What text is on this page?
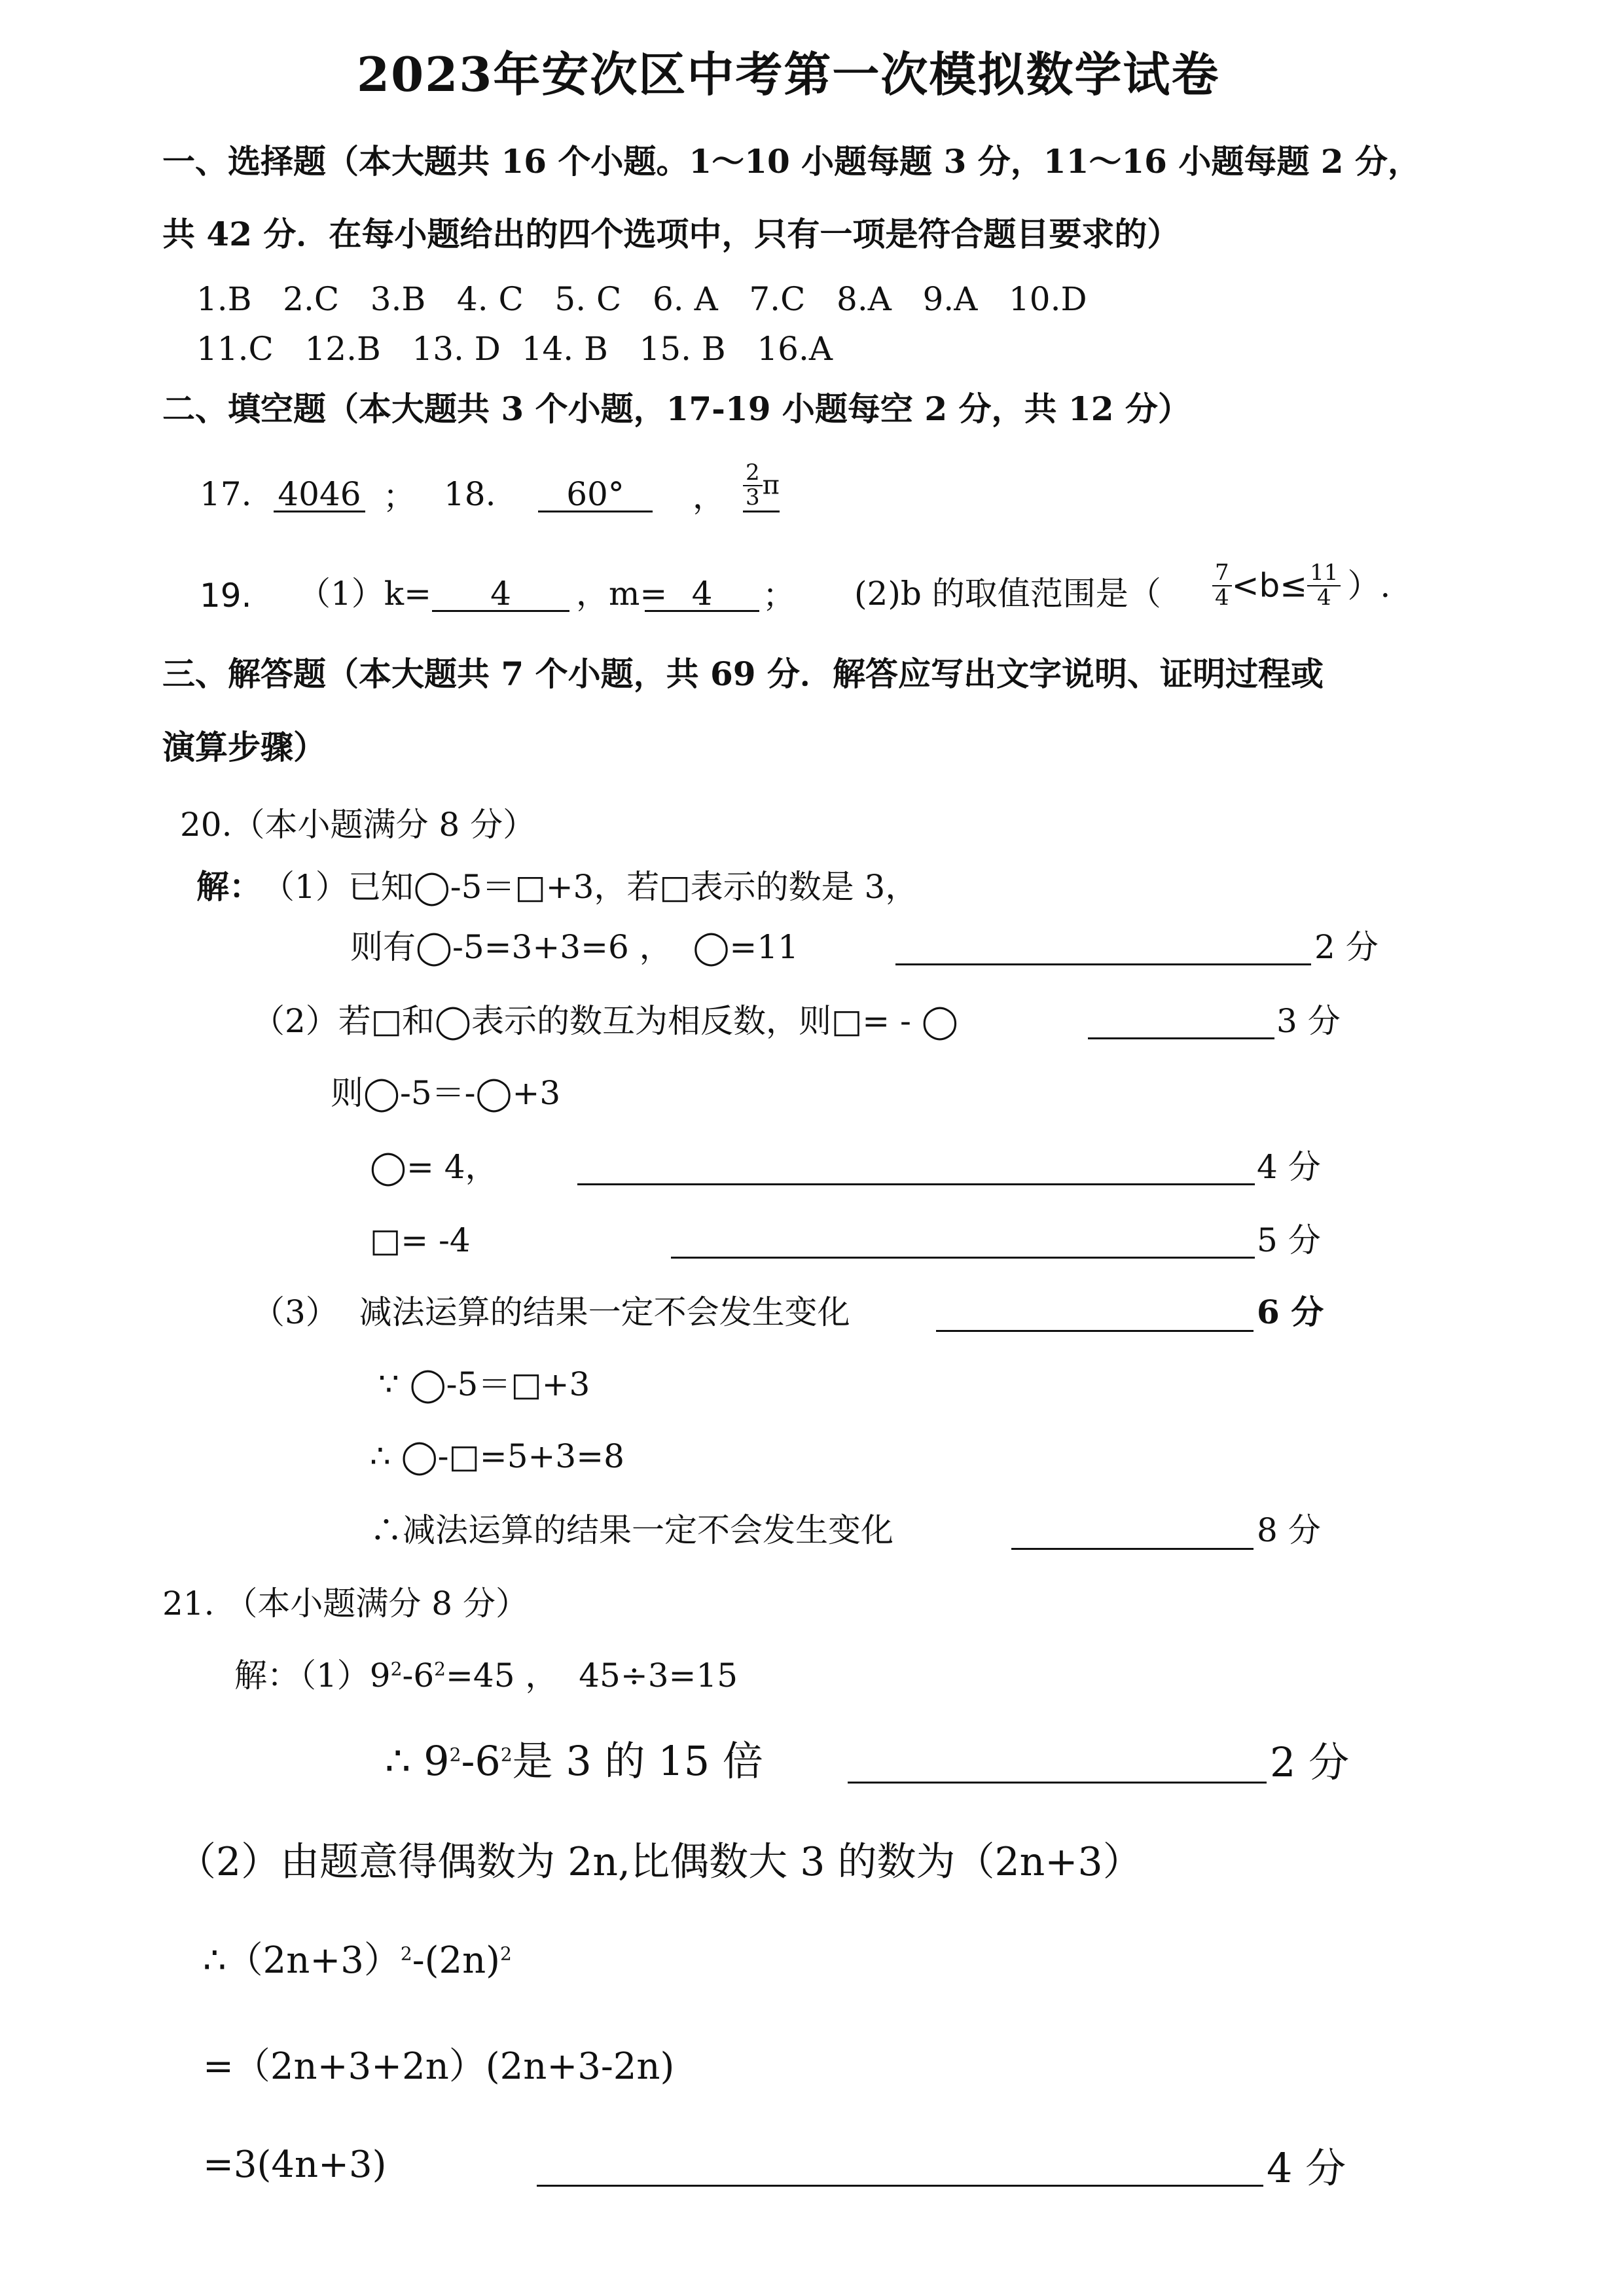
2023年安次区中考第一次模拟数学试卷
一、选择题（本大题共 16 个小题。1～10 小题每题 3 分，11～16 小题每题 2 分，
共 42 分．在每小题给出的四个选项中，只有一项是符合题目要求的）
1.B   2.C   3.B   4. C   5. C   6. A   7.C   8.A   9.A   10.D
11.C   12.B   13. D  14. B   15. B   16.A
二、填空题（本大题共 3 个小题，17-19 小题每空 2 分，共 12 分）
17. 4046 ； 18.	60°	， $\frac{2}{3}$ π
19. （1）k=	4	，m= 4	； (2)b 的取值范围是（ $\frac{7}{4} <b\le \frac{11}{4}$ ）.
三、解答题（本大题共 7 个小题，共 69 分．解答应写出文字说明、证明过程或
演算步骤）
20.（本小题满分 8 分）
解： （1）已知◯-5＝□+3，若□表示的数是 3，
则有◯-5=3+3=6 ，  ◯=11	2 分
（2）若□和◯表示的数互为相反数，则□= - ◯	3 分
则◯-5＝-◯+3
◯= 4，	4 分
□= -4	5 分
（3）  减法运算的结果一定不会发生变化	6 分
∵ ◯-5＝□+3
∴ ◯-□=5+3=8
∴减法运算的结果一定不会发生变化	8 分
21. （本小题满分 8 分）
解：$(1)9^2-6^2=45$ ，  45÷3=15
∴ $9^2-6^2$是 3 的 15 倍	2 分
（2）由题意得偶数为 2n,比偶数大 3 的数为（2n+3）
$\therefore(2n+3)^2-(2n)^2$
=（2n+3+2n）(2n+3-2n)
=3(4n+3)	4 分
